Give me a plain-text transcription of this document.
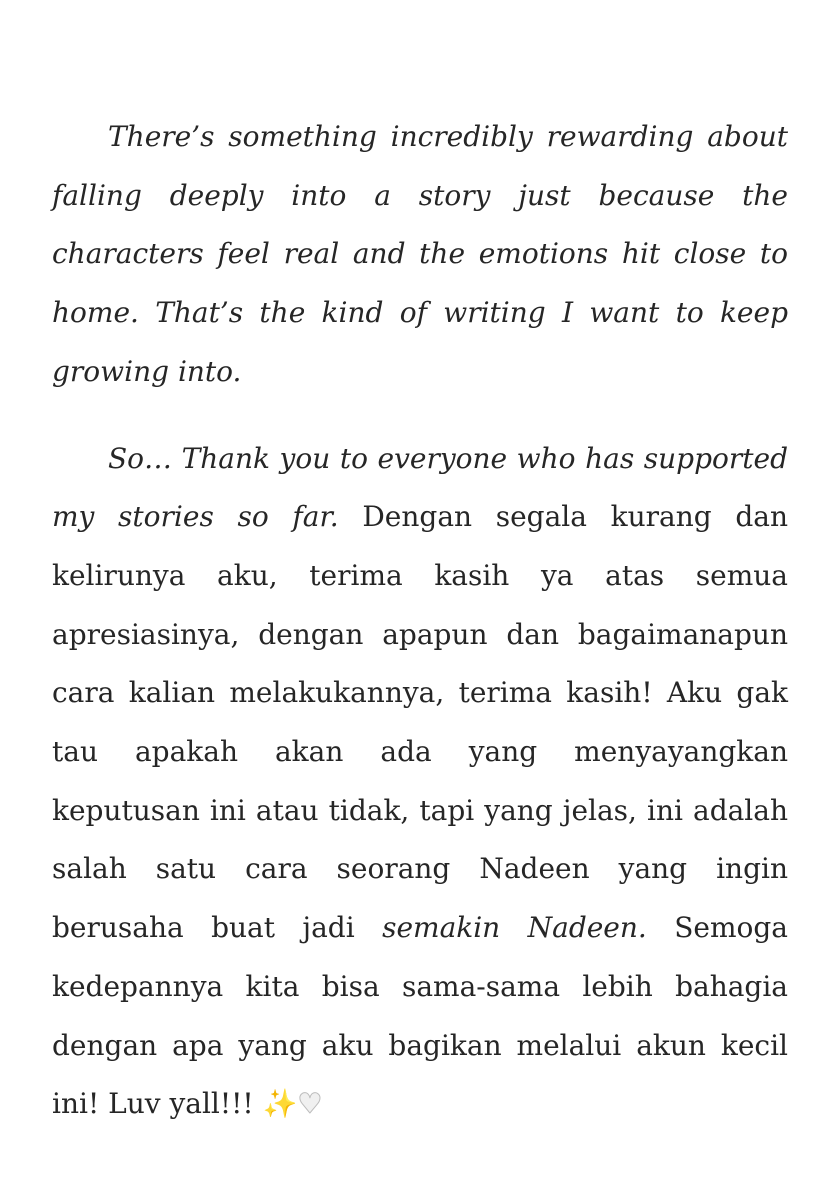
There’s something incredibly rewarding about falling deeply into a story just because the characters feel real and the emotions hit close to home. That’s the kind of writing I want to keep growing into.

So… Thank you to everyone who has supported my stories so far. Dengan segala kurang dan kelirunya aku, terima kasih ya atas semua apresiasinya, dengan apapun dan bagaimanapun cara kalian melakukannya, terima kasih! Aku gak tau apakah akan ada yang menyayangkan keputusan ini atau tidak, tapi yang jelas, ini adalah salah satu cara seorang Nadeen yang ingin berusaha buat jadi semakin Nadeen. Semoga kedepannya kita bisa sama-sama lebih bahagia dengan apa yang aku bagikan melalui akun kecil ini! Luv yall!!! ✨♥
